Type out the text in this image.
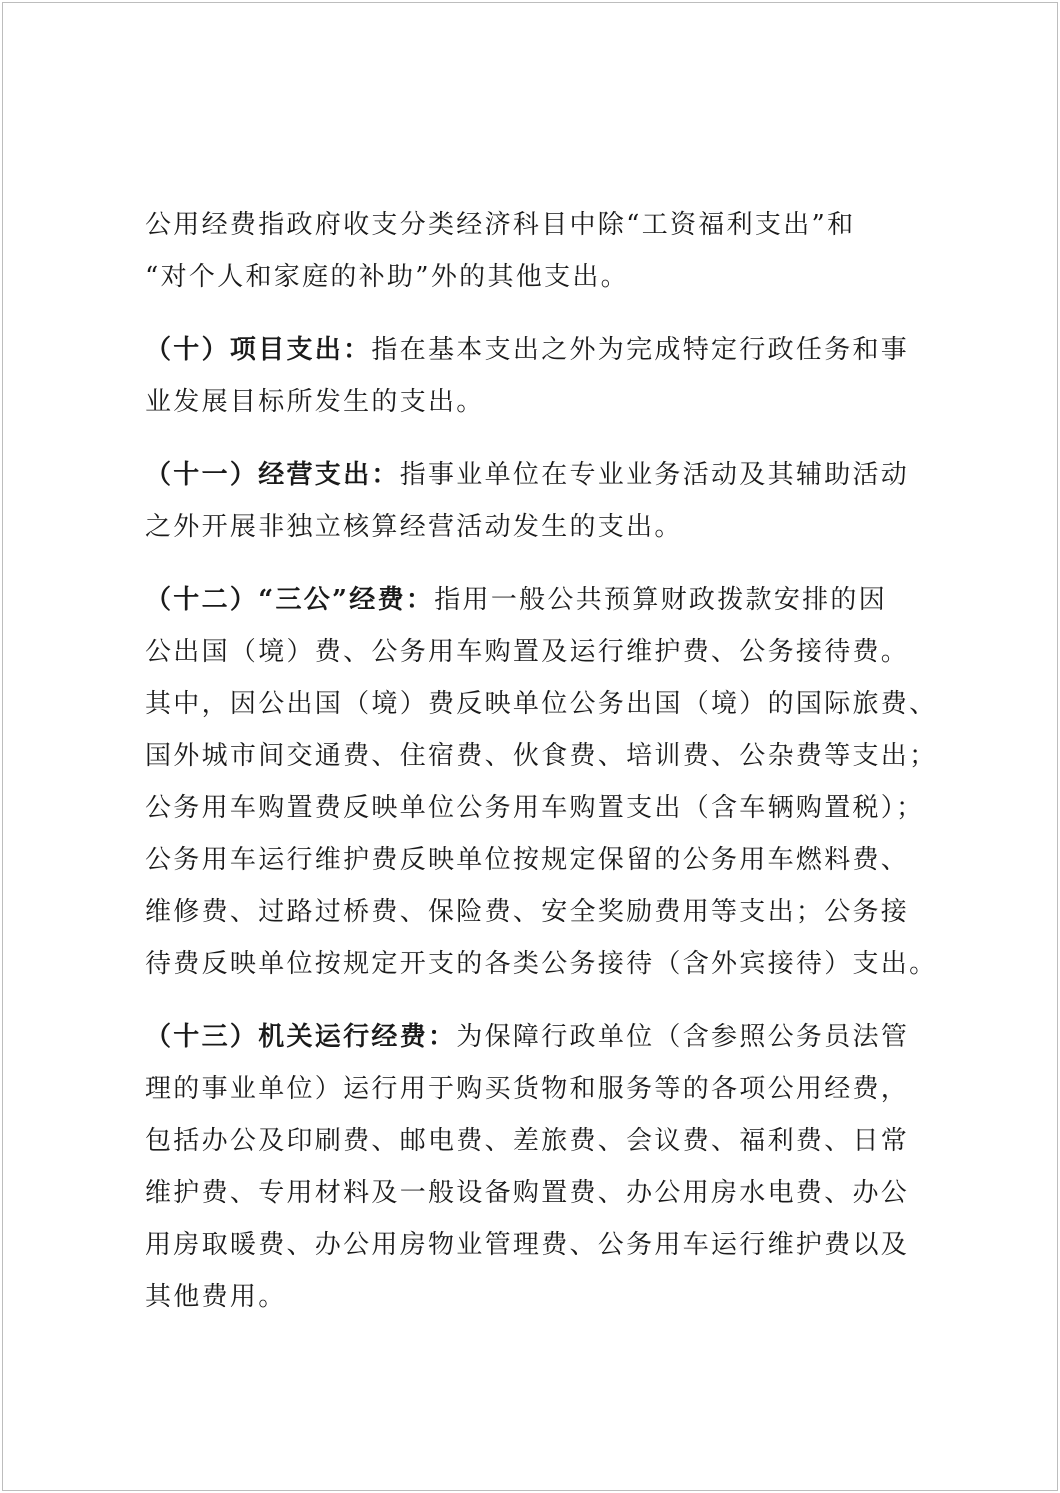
公用经费指政府收支分类经济科目中除“工资福利支出”和
“对个人和家庭的补助”外的其他支出。
（十）项目支出：指在基本支出之外为完成特定行政任务和事
业发展目标所发生的支出。
（十一）经营支出：指事业单位在专业业务活动及其辅助活动
之外开展非独立核算经营活动发生的支出。
（十二）“三公”经费：指用一般公共预算财政拨款安排的因
公出国（境）费、公务用车购置及运行维护费、公务接待费。
其中，因公出国（境）费反映单位公务出国（境）的国际旅费、
国外城市间交通费、住宿费、伙食费、培训费、公杂费等支出；
公务用车购置费反映单位公务用车购置支出（含车辆购置税）；
公务用车运行维护费反映单位按规定保留的公务用车燃料费、
维修费、过路过桥费、保险费、安全奖励费用等支出；公务接
待费反映单位按规定开支的各类公务接待（含外宾接待）支出。
（十三）机关运行经费：为保障行政单位（含参照公务员法管
理的事业单位）运行用于购买货物和服务等的各项公用经费，
包括办公及印刷费、邮电费、差旅费、会议费、福利费、日常
维护费、专用材料及一般设备购置费、办公用房水电费、办公
用房取暖费、办公用房物业管理费、公务用车运行维护费以及
其他费用。
